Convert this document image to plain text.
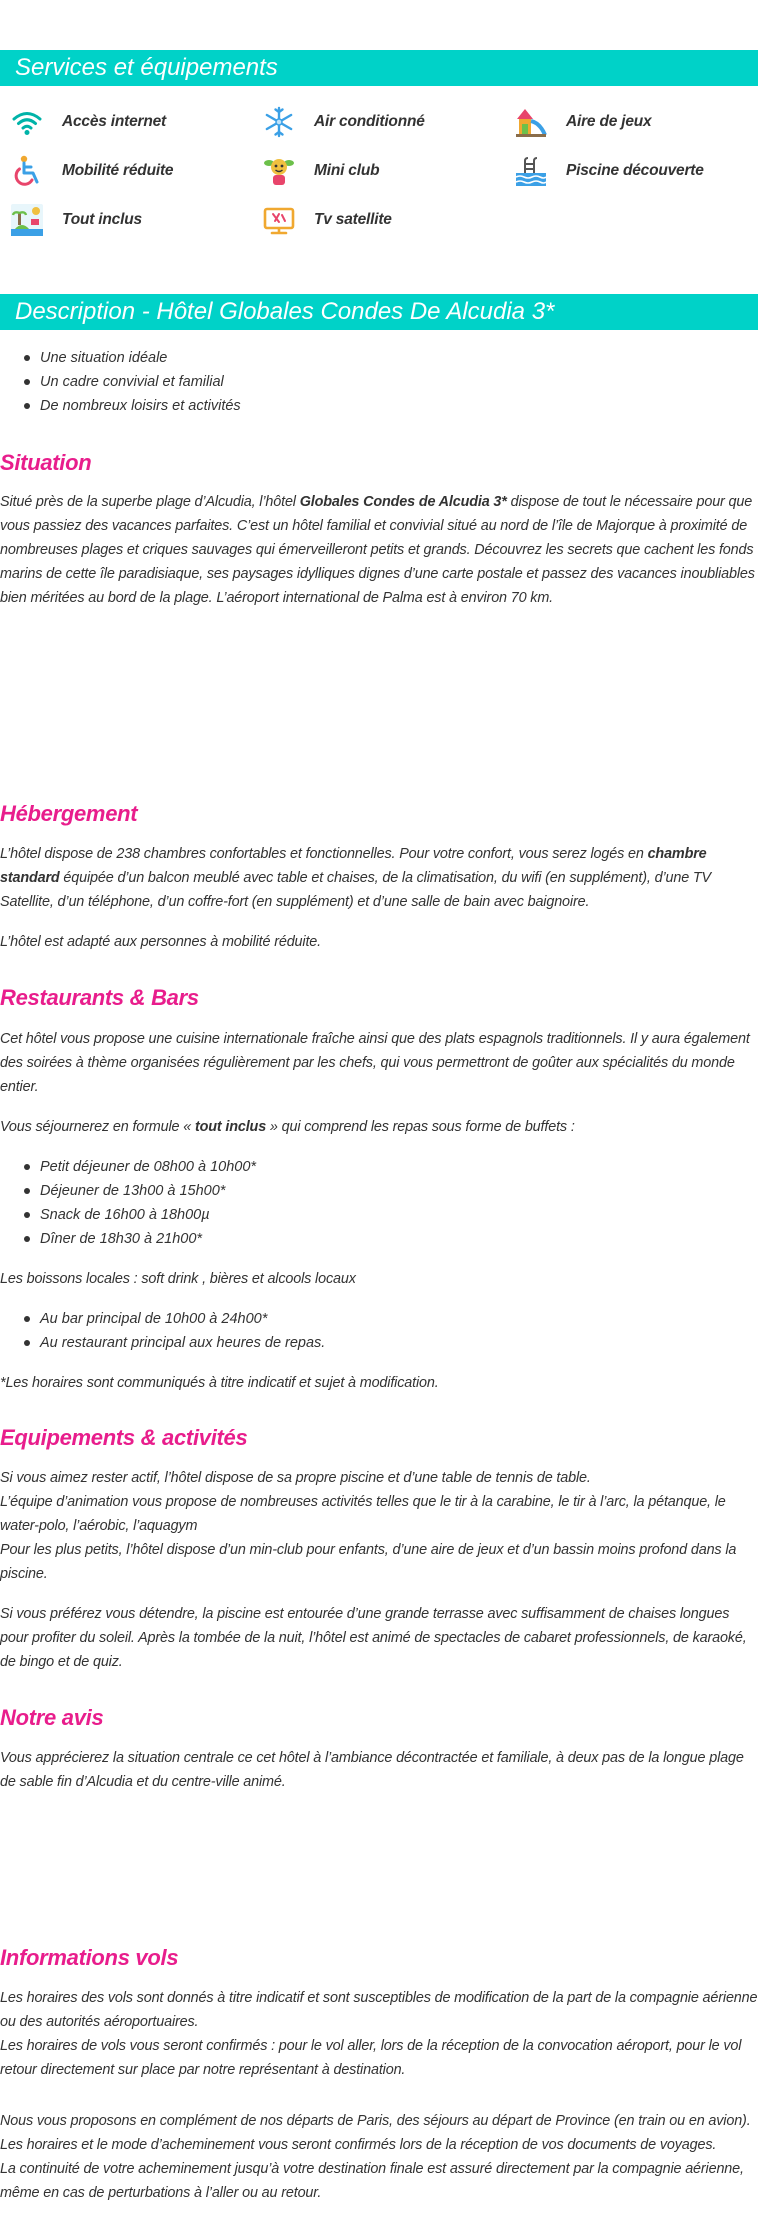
Services et équipements
Accès internet	Air conditionné	Aire de jeux
Mobilité réduite	Mini club	Piscine découverte
Tout inclus	Tv satellite
Description - Hôtel Globales Condes De Alcudia 3*
Une situation idéale
Un cadre convivial et familial
De nombreux loisirs et activités
Situation

Situé près de la superbe plage d’Alcudia, l’hôtel Globales Condes de Alcudia 3* dispose de tout le nécessaire pour que vous passiez des vacances parfaites. C’est un hôtel familial et convivial situé au nord de l’île de Majorque à proximité de nombreuses plages et criques sauvages qui émerveilleront petits et grands. Découvrez les secrets que cachent les fonds marins de cette île paradisiaque, ses paysages idylliques dignes d’une carte postale et passez des vacances inoubliables bien méritées au bord de la plage. L’aéroport international de Palma est à environ 70 km.

Hébergement

L’hôtel dispose de 238 chambres confortables et fonctionnelles. Pour votre confort, vous serez logés en chambre standard équipée d’un balcon meublé avec table et chaises, de la climatisation, du wifi (en supplément), d’une TV Satellite, d’un téléphone, d’un coffre-fort (en supplément) et d’une salle de bain avec baignoire.

L’hôtel est adapté aux personnes à mobilité réduite.

Restaurants & Bars

Cet hôtel vous propose une cuisine internationale fraîche ainsi que des plats espagnols traditionnels. Il y aura également des soirées à thème organisées régulièrement par les chefs, qui vous permettront de goûter aux spécialités du monde entier.

Vous séjournerez en formule « tout inclus » qui comprend les repas sous forme de buffets :

Petit déjeuner de 08h00 à 10h00*
Déjeuner de 13h00 à 15h00*
Snack de 16h00 à 18h00µ
Dîner de 18h30 à 21h00*

Les boissons locales : soft drink , bières et alcools locaux

Au bar principal de 10h00 à 24h00*
Au restaurant principal aux heures de repas.

*Les horaires sont communiqués à titre indicatif et sujet à modification.

Equipements & activités
Si vous aimez rester actif, l’hôtel dispose de sa propre piscine et d’une table de tennis de table.
L’équipe d’animation vous propose de nombreuses activités telles que le tir à la carabine, le tir à l’arc, la pétanque, le water-polo, l’aérobic, l’aquagym
Pour les plus petits, l’hôtel dispose d’un min-club pour enfants, d’une aire de jeux et d’un bassin moins profond dans la piscine.

Si vous préférez vous détendre, la piscine est entourée d’une grande terrasse avec suffisamment de chaises longues pour profiter du soleil. Après la tombée de la nuit, l’hôtel est animé de spectacles de cabaret professionnels, de karaoké, de bingo et de quiz.

Notre avis

Vous apprécierez la situation centrale ce cet hôtel à l’ambiance décontractée et familiale, à deux pas de la longue plage de sable fin d’Alcudia et du centre-ville animé.

Informations vols
Les horaires des vols sont donnés à titre indicatif et sont susceptibles de modification de la part de la compagnie aérienne ou des autorités aéroportuaires.
Les horaires de vols vous seront confirmés : pour le vol aller, lors de la réception de la convocation aéroport, pour le vol retour directement sur place par notre représentant à destination.
Nous vous proposons en complément de nos départs de Paris, des séjours au départ de Province (en train ou en avion).
Les horaires et le mode d’acheminement vous seront confirmés lors de la réception de vos documents de voyages.
La continuité de votre acheminement jusqu’à votre destination finale est assuré directement par la compagnie aérienne, même en cas de perturbations à l’aller ou au retour.
